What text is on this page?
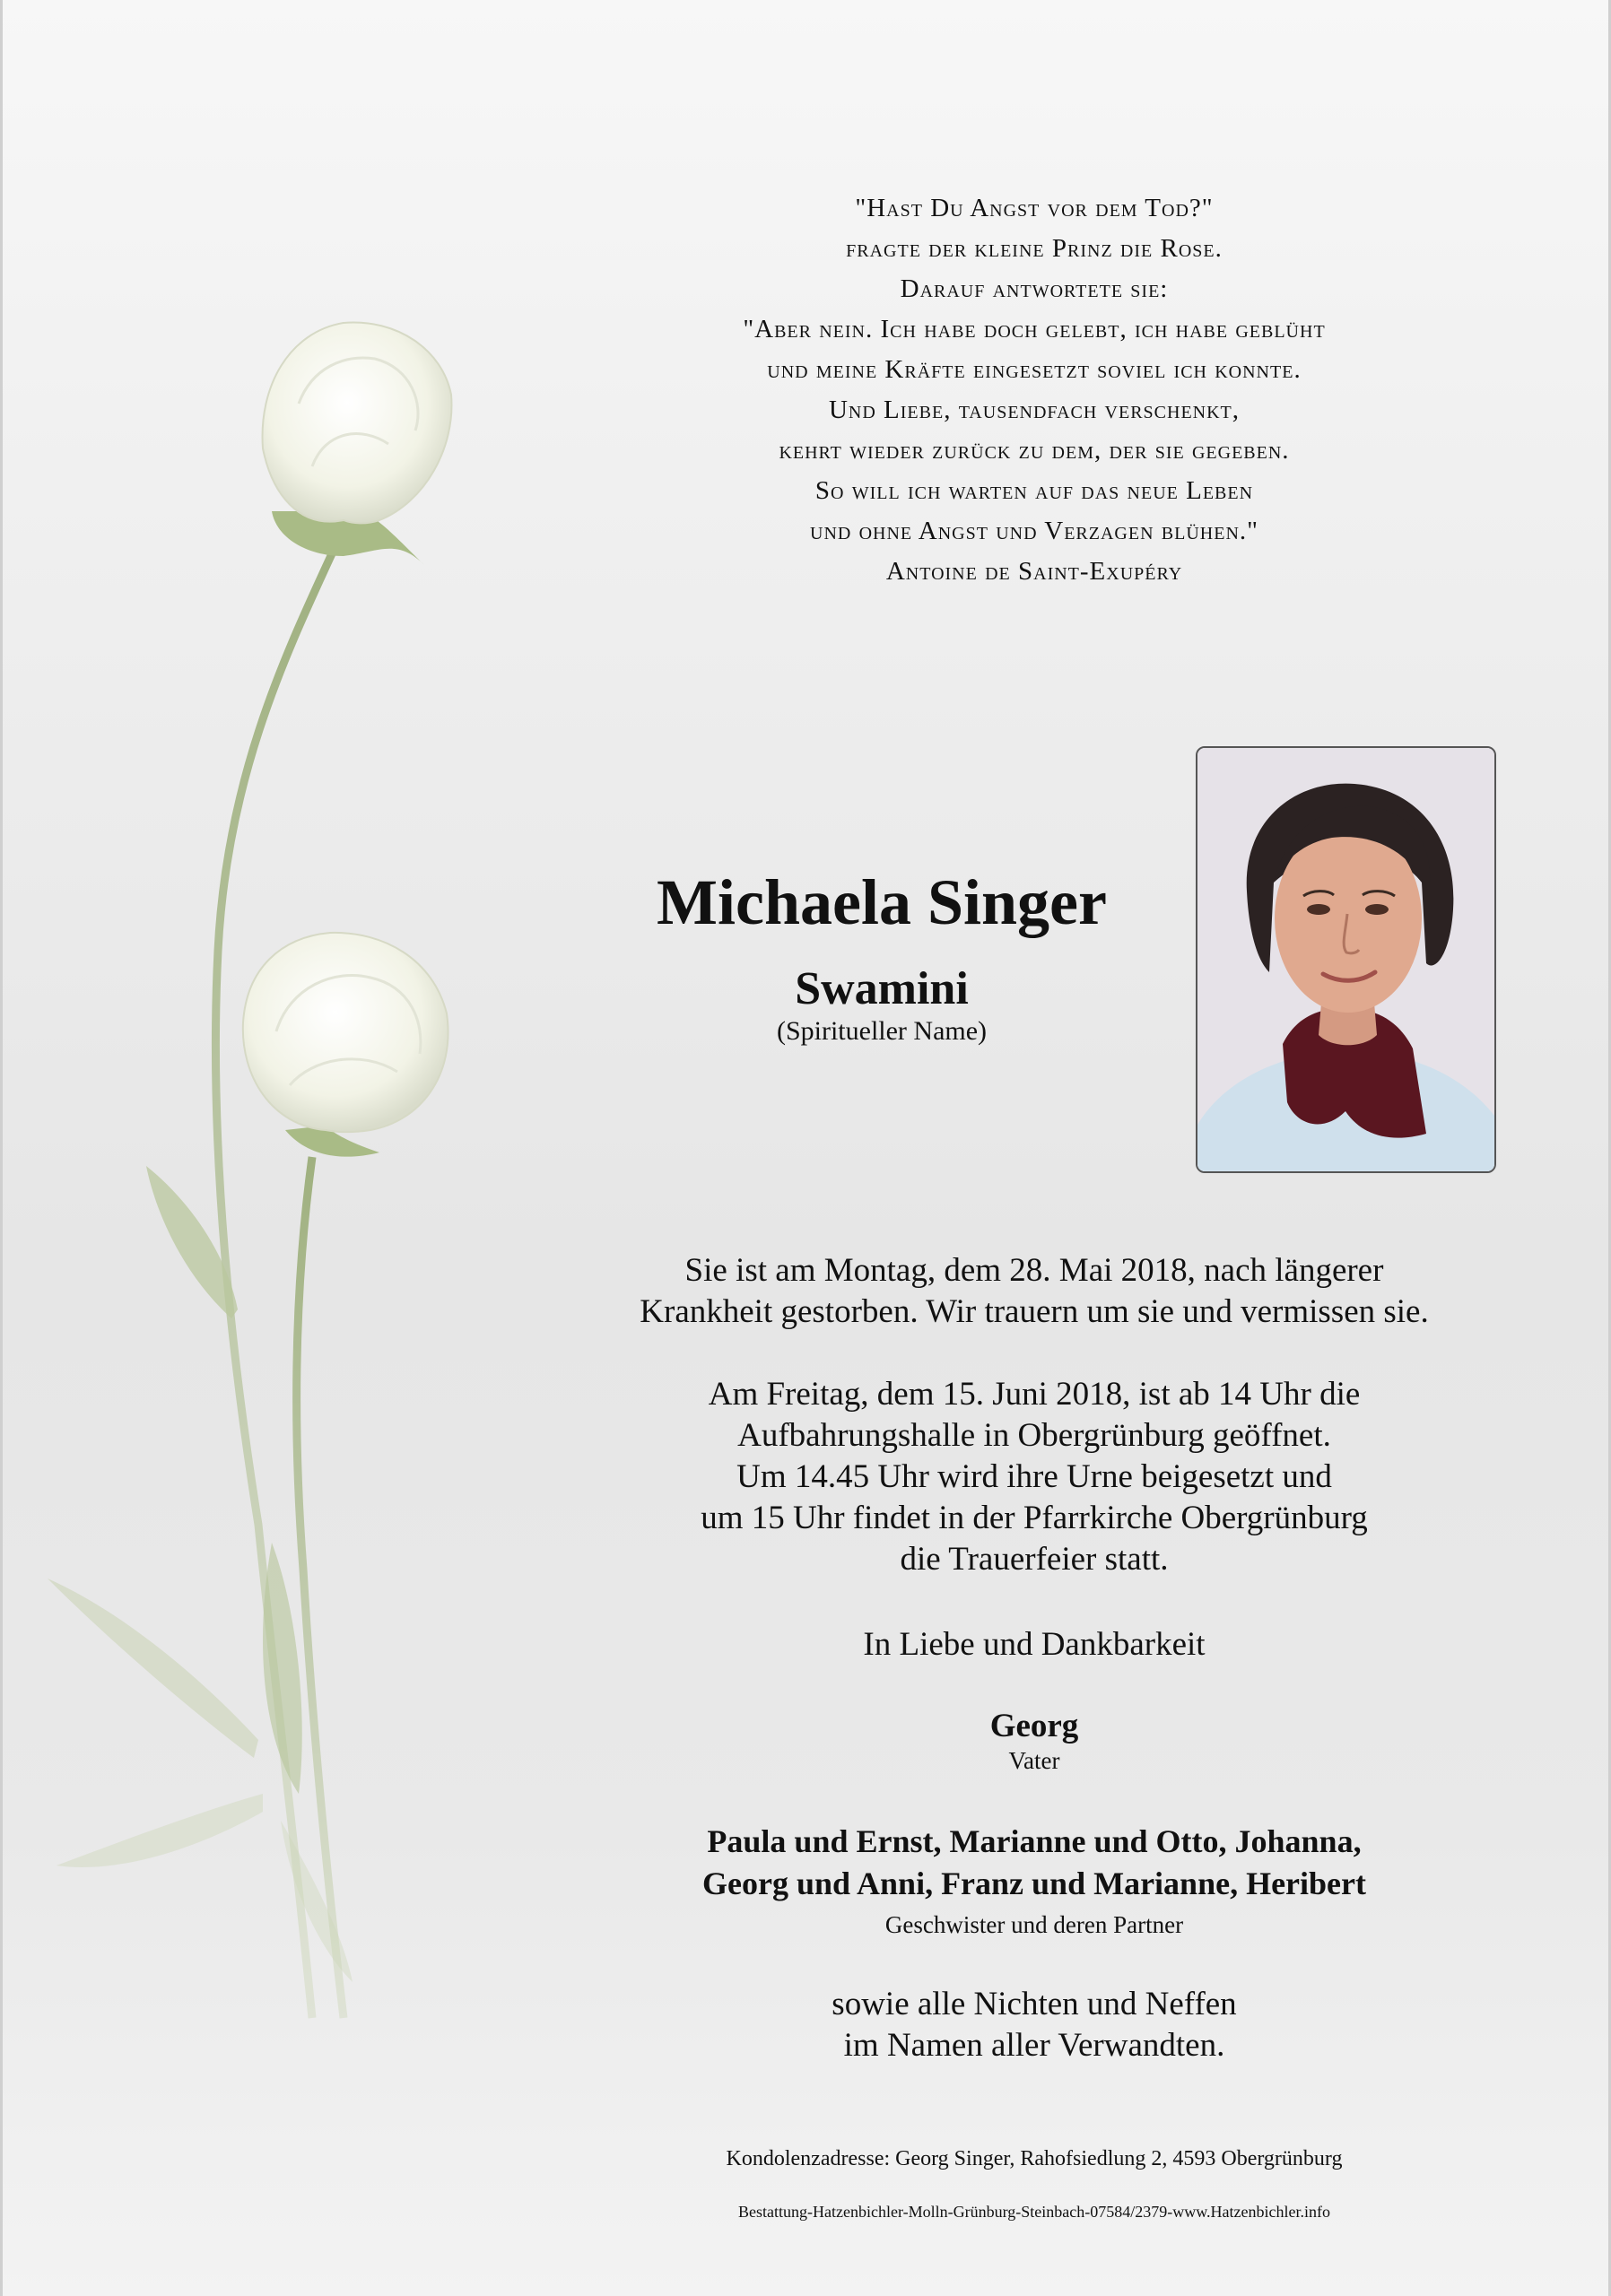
"Hast Du Angst vor dem Tod?"
fragte der kleine Prinz die Rose.
Darauf antwortete sie:
"Aber nein. Ich habe doch gelebt, ich habe geblüht
und meine Kräfte eingesetzt soviel ich konnte.
Und Liebe, tausendfach verschenkt,
kehrt wieder zurück zu dem, der sie gegeben.
So will ich warten auf das neue Leben
und ohne Angst und Verzagen blühen."
Antoine de Saint-Exupéry
Michaela Singer
Swamini
(Spiritueller Name)
Sie ist am Montag, dem 28. Mai 2018, nach längerer
Krankheit gestorben. Wir trauern um sie und vermissen sie.
Am Freitag, dem 15. Juni 2018, ist ab 14 Uhr die
Aufbahrungshalle in Obergrünburg geöffnet.
Um 14.45 Uhr wird ihre Urne beigesetzt und
um 15 Uhr findet in der Pfarrkirche Obergrünburg
die Trauerfeier statt.
In Liebe und Dankbarkeit
Georg
Vater
Paula und Ernst, Marianne und Otto, Johanna,
Georg und Anni, Franz und Marianne, Heribert
Geschwister und deren Partner
sowie alle Nichten und Neffen
im Namen aller Verwandten.
Kondolenzadresse: Georg Singer, Rahofsiedlung 2, 4593 Obergrünburg
Bestattung-Hatzenbichler-Molln-Grünburg-Steinbach-07584/2379-www.Hatzenbichler.info
